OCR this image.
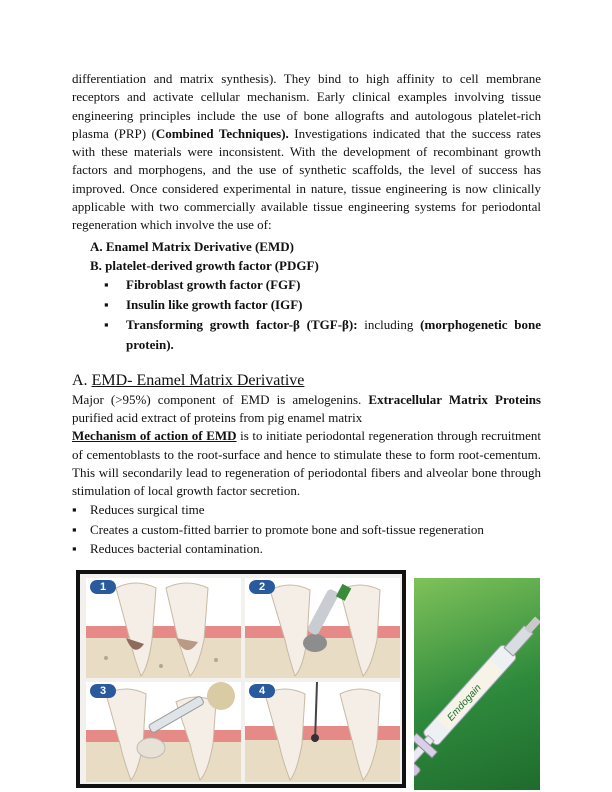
differentiation and matrix synthesis). They bind to high affinity to cell membrane receptors and activate cellular mechanism. Early clinical examples involving tissue engineering principles include the use of bone allografts and autologous platelet-rich plasma (PRP) (Combined Techniques). Investigations indicated that the success rates with these materials were inconsistent. With the development of recombinant growth factors and morphogens, and the use of synthetic scaffolds, the level of success has improved. Once considered experimental in nature, tissue engineering is now clinically applicable with two commercially available tissue engineering systems for periodontal regeneration which involve the use of:

A. Enamel Matrix Derivative (EMD)
B. platelet-derived growth factor (PDGF)
▪	Fibroblast growth factor (FGF)
▪	Insulin like growth factor (IGF)
▪	Transforming growth factor-β (TGF-β): including (morphogenetic bone protein).
A. EMD- Enamel Matrix Derivative

Major (>95%) component of EMD is amelogenins. Extracellular Matrix Proteins purified acid extract of proteins from pig enamel matrix

Mechanism of action of EMD is to initiate periodontal regeneration through recruitment of cementoblasts to the root-surface and hence to stimulate these to form root-cementum. This will secondarily lead to regeneration of periodontal fibers and alveolar bone through stimulation of local growth factor secretion.

▪	Reduces surgical time
▪	Creates a custom-fitted barrier to promote bone and soft-tissue regeneration
▪	Reduces bacterial contamination.
1	2
3	4	Emdogain
